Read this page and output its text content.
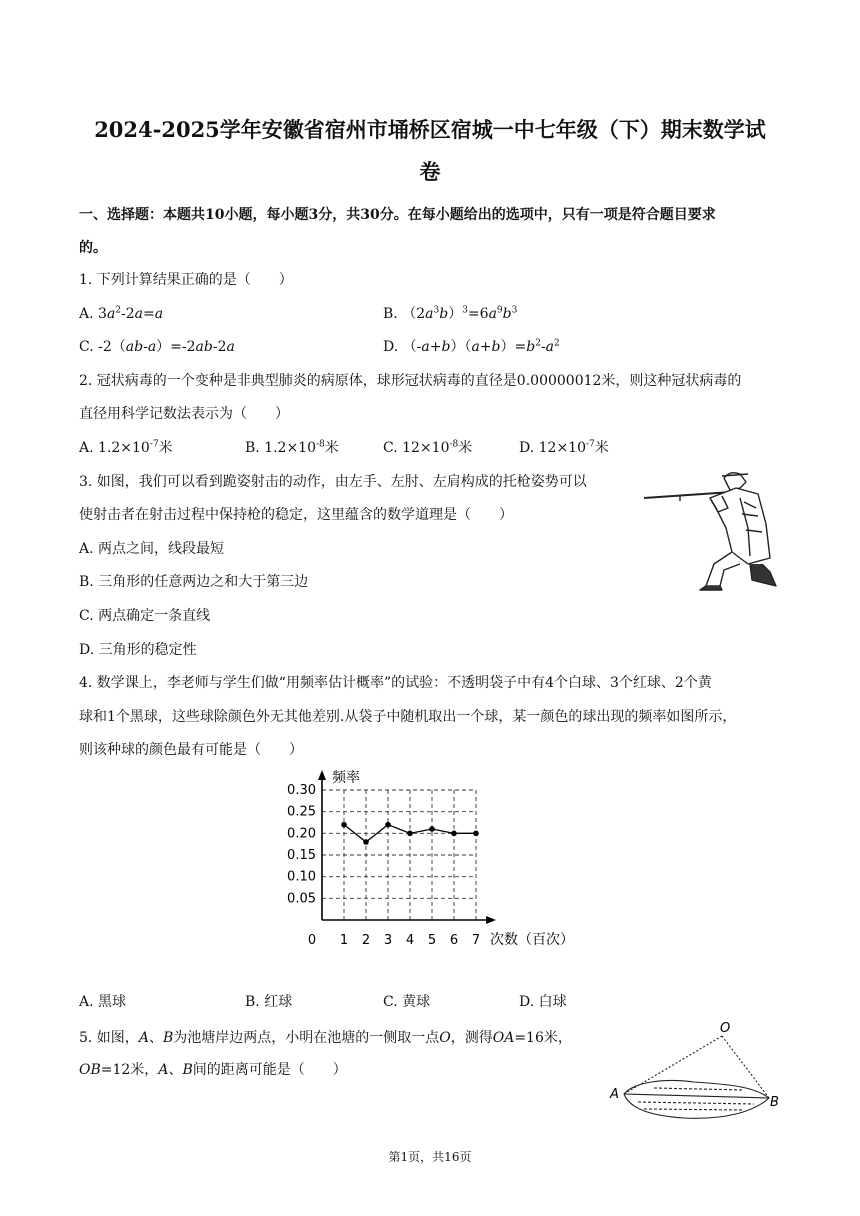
2024-2025学年安徽省宿州市埇桥区宿城一中七年级（下）期末数学试
卷
一、选择题：本题共10小题，每小题3分，共30分。在每小题给出的选项中，只有一项是符合题目要求
的。
1. 下列计算结果正确的是（　　）
A. $3a^2-2a=a$	B. $(2a^3b)^3=6a^9b^3$
C. -2（ab-a）=-2ab-2a	D. $(-a+b)(a+b)=b^2-a^2$
2. 冠状病毒的一个变种是非典型肺炎的病原体，球形冠状病毒的直径是0.00000012米，则这种冠状病毒的
直径用科学记数法表示为（　　）
A. $1.2\times 10^{-7}$米	B. $1.2\times 10^{-8}$米	C. $12\times 10^{-8}$米	D. $12\times 10^{-7}$米
3. 如图，我们可以看到跪姿射击的动作，由左手、左肘、左肩构成的托枪姿势可以
使射击者在射击过程中保持枪的稳定，这里蕴含的数学道理是（　　）
A. 两点之间，线段最短
B. 三角形的任意两边之和大于第三边
C. 两点确定一条直线
D. 三角形的稳定性
4. 数学课上，李老师与学生们做“用频率估计概率”的试验：不透明袋子中有4个白球、3个红球、2个黄
球和1个黑球，这些球除颜色外无其他差别.从袋子中随机取出一个球，某一颜色的球出现的频率如图所示，
则该种球的颜色最有可能是（　　）
0.05
0.10
0.15
0.20
0.25
0.30
1 2 3 4 5 6 7
0
频率
次数（百次）
A. 黑球	B. 红球	C. 黄球	D. 白球
5. 如图，A、B为池塘岸边两点，小明在池塘的一侧取一点O，测得OA=16米，
OB=12米，A、B间的距离可能是（　　）
O
A
B
第1页，共16页
